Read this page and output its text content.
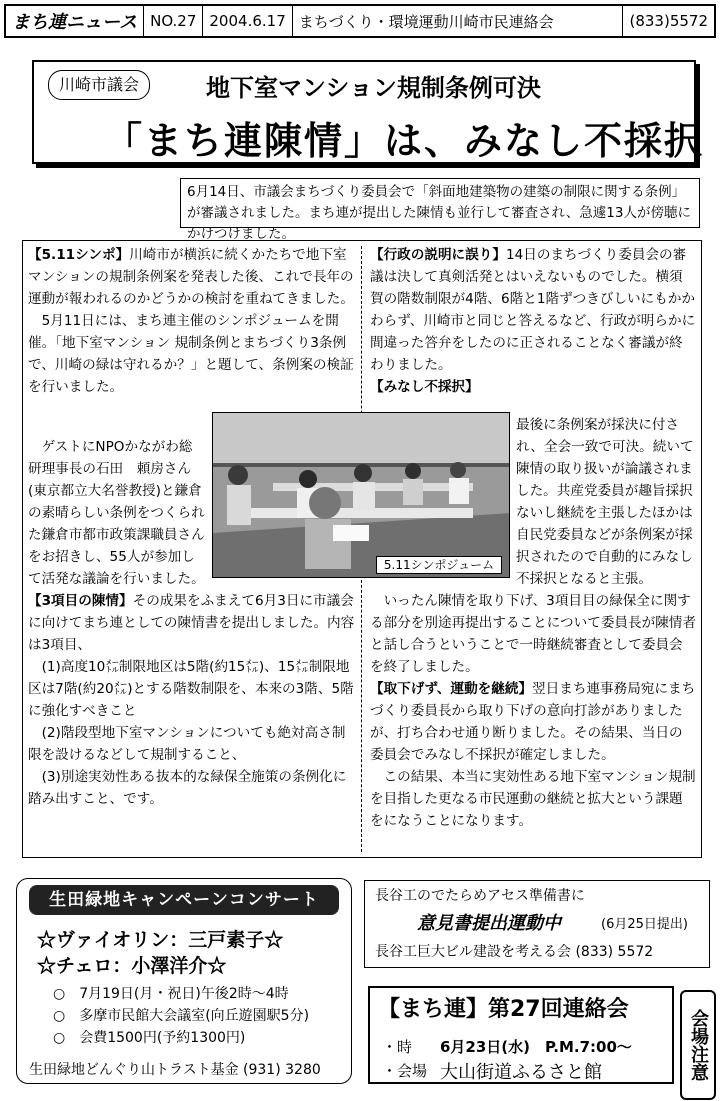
まち連ニュース NO.27 2004.6.17 まちづくり・環境運動川崎市民連絡会	(833)5572
川崎市議会	地下室マンション規制条例可決
「まち連陳情」は、みなし不採択
6月14日、市議会まちづくり委員会で「斜面地建築物の建築の制限に関する条例」が審議されました。まち連が提出した陳情も並行して審査され、急遽13人が傍聴にかけつけました。

【5.11シンポ】川崎市が横浜に続くかたちで地下室マンションの規制条例案を発表した後、これで長年の運動が報われるのかどうかの検討を重ねてきました。

　5月11日には、まち連主催のシンポジュームを開催。「地下室マンション 規制条例とまちづくり3条例で、川崎の緑は守れるか？」と題して、条例案の検証を行いました。

　ゲストにNPOかながわ総研理事長の石田　頼房さん(東京都立大名誉教授)と鎌倉の素晴らしい条例をつくられた鎌倉市都市政策課職員さんをお招きし、55人が参加して活発な議論を行いました。

【3項目の陳情】その成果をふまえて6月3日に市議会に向けてまち連としての陳情書を提出しました。内容は3項目、

　(1)高度10㍍制限地区は5階(約15㍍)、15㍍制限地区は7階(約20㍍)とする階数制限を、本来の3階、5階に強化すべきこと

　(2)階段型地下室マンションについても絶対高さ制限を設けるなどして規制すること、

　(3)別途実効性ある抜本的な緑保全施策の条例化に踏み出すこと、です。

【行政の説明に誤り】14日のまちづくり委員会の審議は決して真剣活発とはいえないものでした。横須賀の階数制限が4階、6階と1階ずつきびしいにもかかわらず、川崎市と同じと答えるなど、行政が明らかに間違った答弁をしたのに正されることなく審議が終わりました。

【みなし不採択】

最後に条例案が採決に付され、全会一致で可決。続いて陳情の取り扱いが論議されました。共産党委員が趣旨採択ないし継続を主張したほかは自民党委員などが条例案が採択されたので自動的にみなし不採択となると主張。

　いったん陳情を取り下げ、3項目目の緑保全に関する部分を別途再提出することについて委員長が陳情者と話し合うということで一時継続審査として委員会を終了しました。

【取下げず、運動を継続】翌日まち連事務局宛にまちづくり委員長から取り下げの意向打診がありましたが、打ち合わせ通り断りました。その結果、当日の委員会でみなし不採択が確定しました。

　この結果、本当に実効性ある地下室マンション規制を目指した更なる市民運動の継続と拡大という課題をになうことになります。

5.11シンポジューム
生田緑地キャンペーンコンサート
☆ヴァイオリン：三戸素子☆
☆チェロ：小澤洋介☆
○　7月19日(月・祝日)午後2時〜4時
○　多摩市民館大会議室(向丘遊園駅5分)
○　会費1500円(予約1300円)
生田緑地どんぐり山トラスト基金 (931) 3280
長谷工のでたらめアセス準備書に
意見書提出運動中	(6月25日提出)
長谷工巨大ビル建設を考える会 (833) 5572
【まち連】第27回連絡会
・時 6月23日(水)　P.M.7:00〜
・会場 大山街道ふるさと館	会場注意
